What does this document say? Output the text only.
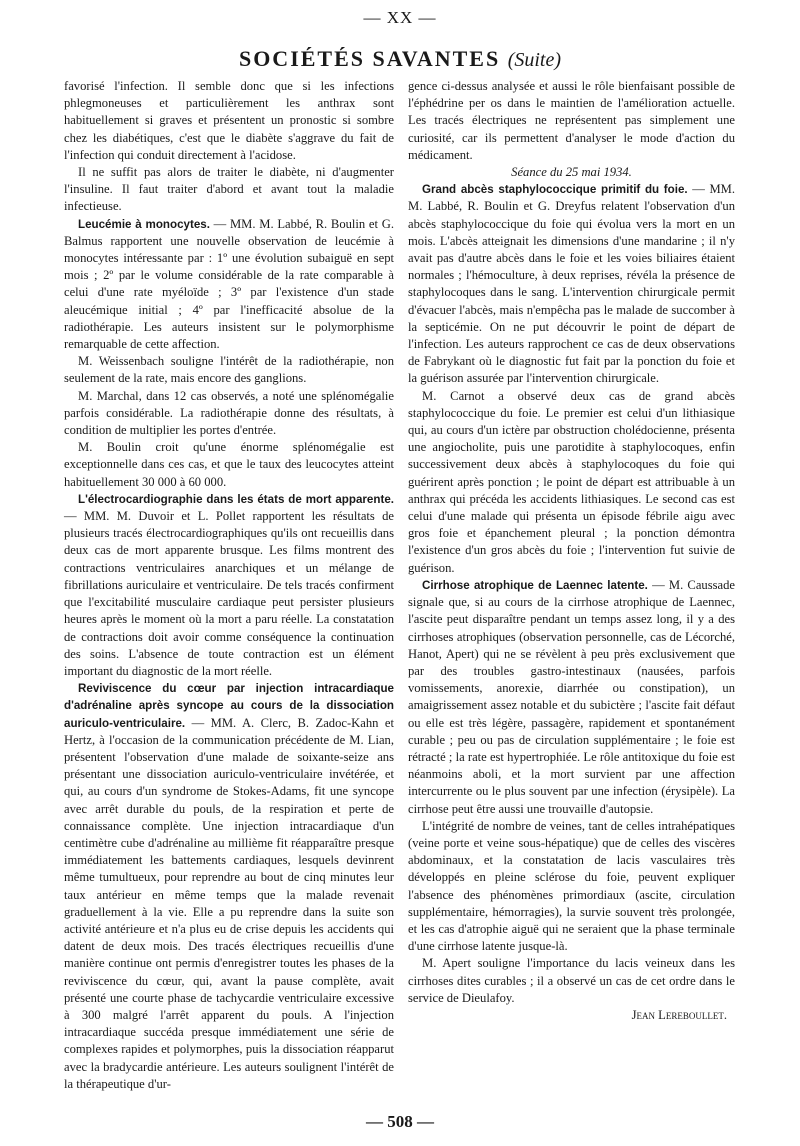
— XX —
SOCIÉTÉS SAVANTES (Suite)

favorisé l'infection. Il semble donc que si les infections phlegmoneuses et particulièrement les anthrax sont habituellement si graves et présentent un pronostic si sombre chez les diabétiques, c'est que le diabète s'aggrave du fait de l'infection qui conduit directement à l'acidose.

Il ne suffit pas alors de traiter le diabète, ni d'augmenter l'insuline. Il faut traiter d'abord et avant tout la maladie infectieuse.

Leucémie à monocytes. — MM. M. Labbé, R. Boulin et G. Balmus rapportent une nouvelle observation de leucémie à monocytes intéressante par : 1º une évolution subaiguë en sept mois ; 2º par le volume considérable de la rate comparable à celui d'une rate myéloïde ; 3º par l'existence d'un stade aleucémique initial ; 4º par l'inefficacité absolue de la radiothérapie. Les auteurs insistent sur le polymorphisme remarquable de cette affection.

M. Weissenbach souligne l'intérêt de la radiothérapie, non seulement de la rate, mais encore des ganglions.

M. Marchal, dans 12 cas observés, a noté une splénomégalie parfois considérable. La radiothérapie donne des résultats, à condition de multiplier les portes d'entrée.

M. Boulin croit qu'une énorme splénomégalie est exceptionnelle dans ces cas, et que le taux des leucocytes atteint habituellement 30 000 à 60 000.

L'électrocardiographie dans les états de mort apparente. — MM. M. Duvoir et L. Pollet rapportent les résultats de plusieurs tracés électrocardiographiques qu'ils ont recueillis dans deux cas de mort apparente brusque. Les films montrent des contractions ventriculaires anarchiques et un mélange de fibrillations auriculaire et ventriculaire. De tels tracés confirment que l'excitabilité musculaire cardiaque peut persister plusieurs heures après le moment où la mort a paru réelle. La constatation de contractions doit avoir comme conséquence la continuation des soins. L'absence de toute contraction est un élément important du diagnostic de la mort réelle.

Reviviscence du cœur par injection intracardiaque d'adrénaline après syncope au cours de la dissociation auriculo-ventriculaire. — MM. A. Clerc, B. Zadoc-Kahn et Hertz, à l'occasion de la communication précédente de M. Lian, présentent l'observation d'une malade de soixante-seize ans présentant une dissociation auriculo-ventriculaire invétérée, et qui, au cours d'un syndrome de Stokes-Adams, fit une syncope avec arrêt durable du pouls, de la respiration et perte de connaissance complète. Une injection intracardiaque d'un centimètre cube d'adrénaline au millième fit réapparaître presque immédiatement les battements cardiaques, lesquels devinrent même tumultueux, pour reprendre au bout de cinq minutes leur taux antérieur en même temps que la malade revenait graduellement à la vie. Elle a pu reprendre dans la suite son activité antérieure et n'a plus eu de crise depuis les accidents qui datent de deux mois. Des tracés électriques recueillis d'une manière continue ont permis d'enregistrer toutes les phases de la reviviscence du cœur, qui, avant la pause complète, avait présenté une courte phase de tachycardie ventriculaire excessive à 300 malgré l'arrêt apparent du pouls. A l'injection intracardiaque succéda presque immédiatement une série de complexes rapides et polymorphes, puis la dissociation réapparut avec la bradycardie antérieure. Les auteurs soulignent l'intérêt de la thérapeutique d'ur-

gence ci-dessus analysée et aussi le rôle bienfaisant possible de l'éphédrine per os dans le maintien de l'amélioration actuelle. Les tracés électriques ne représentent pas simplement une curiosité, car ils permettent d'analyser le mode d'action du médicament.

Séance du 25 mai 1934.

Grand abcès staphylococcique primitif du foie. — MM. M. Labbé, R. Boulin et G. Dreyfus relatent l'observation d'un abcès staphylococcique du foie qui évolua vers la mort en un mois. L'abcès atteignait les dimensions d'une mandarine ; il n'y avait pas d'autre abcès dans le foie et les voies biliaires étaient normales ; l'hémoculture, à deux reprises, révéla la présence de staphylocoques dans le sang. L'intervention chirurgicale permit d'évacuer l'abcès, mais n'empêcha pas le malade de succomber à la septicémie. On ne put découvrir le point de départ de l'infection. Les auteurs rapprochent ce cas de deux observations de Fabrykant où le diagnostic fut fait par la ponction du foie et la guérison assurée par l'intervention chirurgicale.

M. Carnot a observé deux cas de grand abcès staphylococcique du foie. Le premier est celui d'un lithiasique qui, au cours d'un ictère par obstruction cholédocienne, présenta une angiocholite, puis une parotidite à staphylocoques, enfin successivement deux abcès à staphylocoques du foie qui guérirent après ponction ; le point de départ est attribuable à un anthrax qui précéda les accidents lithiasiques. Le second cas est celui d'une malade qui présenta un épisode fébrile aigu avec gros foie et épanchement pleural ; la ponction démontra l'existence d'un gros abcès du foie ; l'intervention fut suivie de guérison.

Cirrhose atrophique de Laennec latente. — M. Caussade signale que, si au cours de la cirrhose atrophique de Laennec, l'ascite peut disparaître pendant un temps assez long, il y a des cirrhoses atrophiques (observation personnelle, cas de Lécorché, Hanot, Apert) qui ne se révèlent à peu près exclusivement que par des troubles gastro-intestinaux (nausées, parfois vomissements, anorexie, diarrhée ou constipation), un amaigrissement assez notable et du subictère ; l'ascite fait défaut ou elle est très légère, passagère, rapidement et spontanément curable ; peu ou pas de circulation supplémentaire ; le foie est rétracté ; la rate est hypertrophiée. Le rôle antitoxique du foie est néanmoins aboli, et la mort survient par une affection intercurrente ou le plus souvent par une infection (érysipèle). La cirrhose peut être aussi une trouvaille d'autopsie.

L'intégrité de nombre de veines, tant de celles intrahépatiques (veine porte et veine sous-hépatique) que de celles des viscères abdominaux, et la constatation de lacis vasculaires très développés en pleine sclérose du foie, peuvent expliquer l'absence des phénomènes primordiaux (ascite, circulation supplémentaire, hémorragies), la survie souvent très prolongée, et les cas d'atrophie aiguë qui ne seraient que la phase terminale d'une cirrhose latente jusque-là.

M. Apert souligne l'importance du lacis veineux dans les cirrhoses dites curables ; il a observé un cas de cet ordre dans le service de Dieulafoy.

Jean Lereboullet.

— 508 —
